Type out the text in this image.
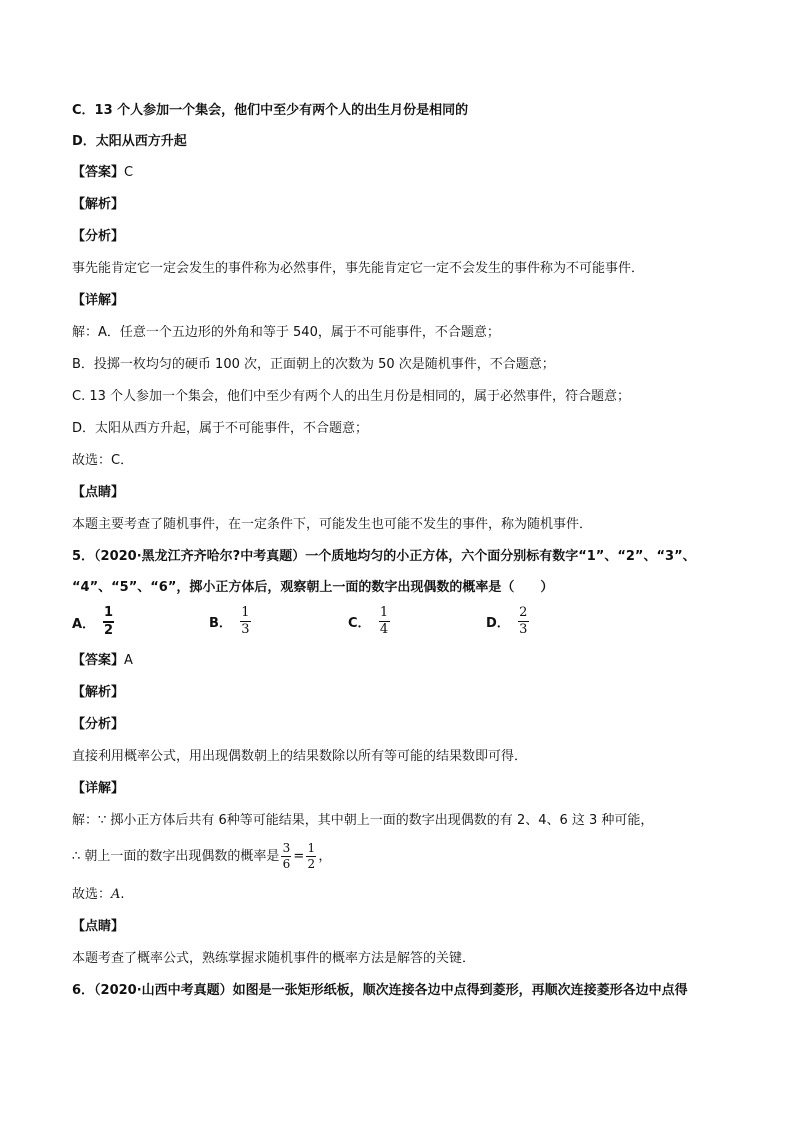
C．13 个人参加一个集会，他们中至少有两个人的出生月份是相同的
D．太阳从西方升起
【答案】C
【解析】
【分析】
事先能肯定它一定会发生的事件称为必然事件，事先能肯定它一定不会发生的事件称为不可能事件．
【详解】
解：A．任意一个五边形的外角和等于 540，属于不可能事件，不合题意；
B．投掷一枚均匀的硬币 100 次，正面朝上的次数为 50 次是随机事件，不合题意；
C. 13 个人参加一个集会，他们中至少有两个人的出生月份是相同的，属于必然事件，符合题意；
D．太阳从西方升起，属于不可能事件，不合题意；
故选：C．
【点睛】
本题主要考查了随机事件，在一定条件下，可能发生也可能不发生的事件，称为随机事件．
5．（2020·黑龙江齐齐哈尔?中考真题）一个质地均匀的小正方体，六个面分别标有数字“1”、“2”、“3”、
“4”、“5”、“6”，掷小正方体后，观察朝上一面的数字出现偶数的概率是（　　）
A． $\frac{1}{2}$	B． $\frac{1}{3}$	C． $\frac{1}{4}$	D． $\frac{2}{3}$
【答案】A
【解析】
【分析】
直接利用概率公式，用出现偶数朝上的结果数除以所有等可能的结果数即可得．
【详解】
解：∵ 掷小正方体后共有 6种等可能结果，其中朝上一面的数字出现偶数的有 2、4、6 这 3 种可能，
∴ 朝上一面的数字出现偶数的概率是
3
6
=
1
2
，
故选：A.
【点睛】
本题考查了概率公式，熟练掌握求随机事件的概率方法是解答的关键．
6．（2020·山西中考真题）如图是一张矩形纸板，顺次连接各边中点得到菱形，再顺次连接菱形各边中点得
